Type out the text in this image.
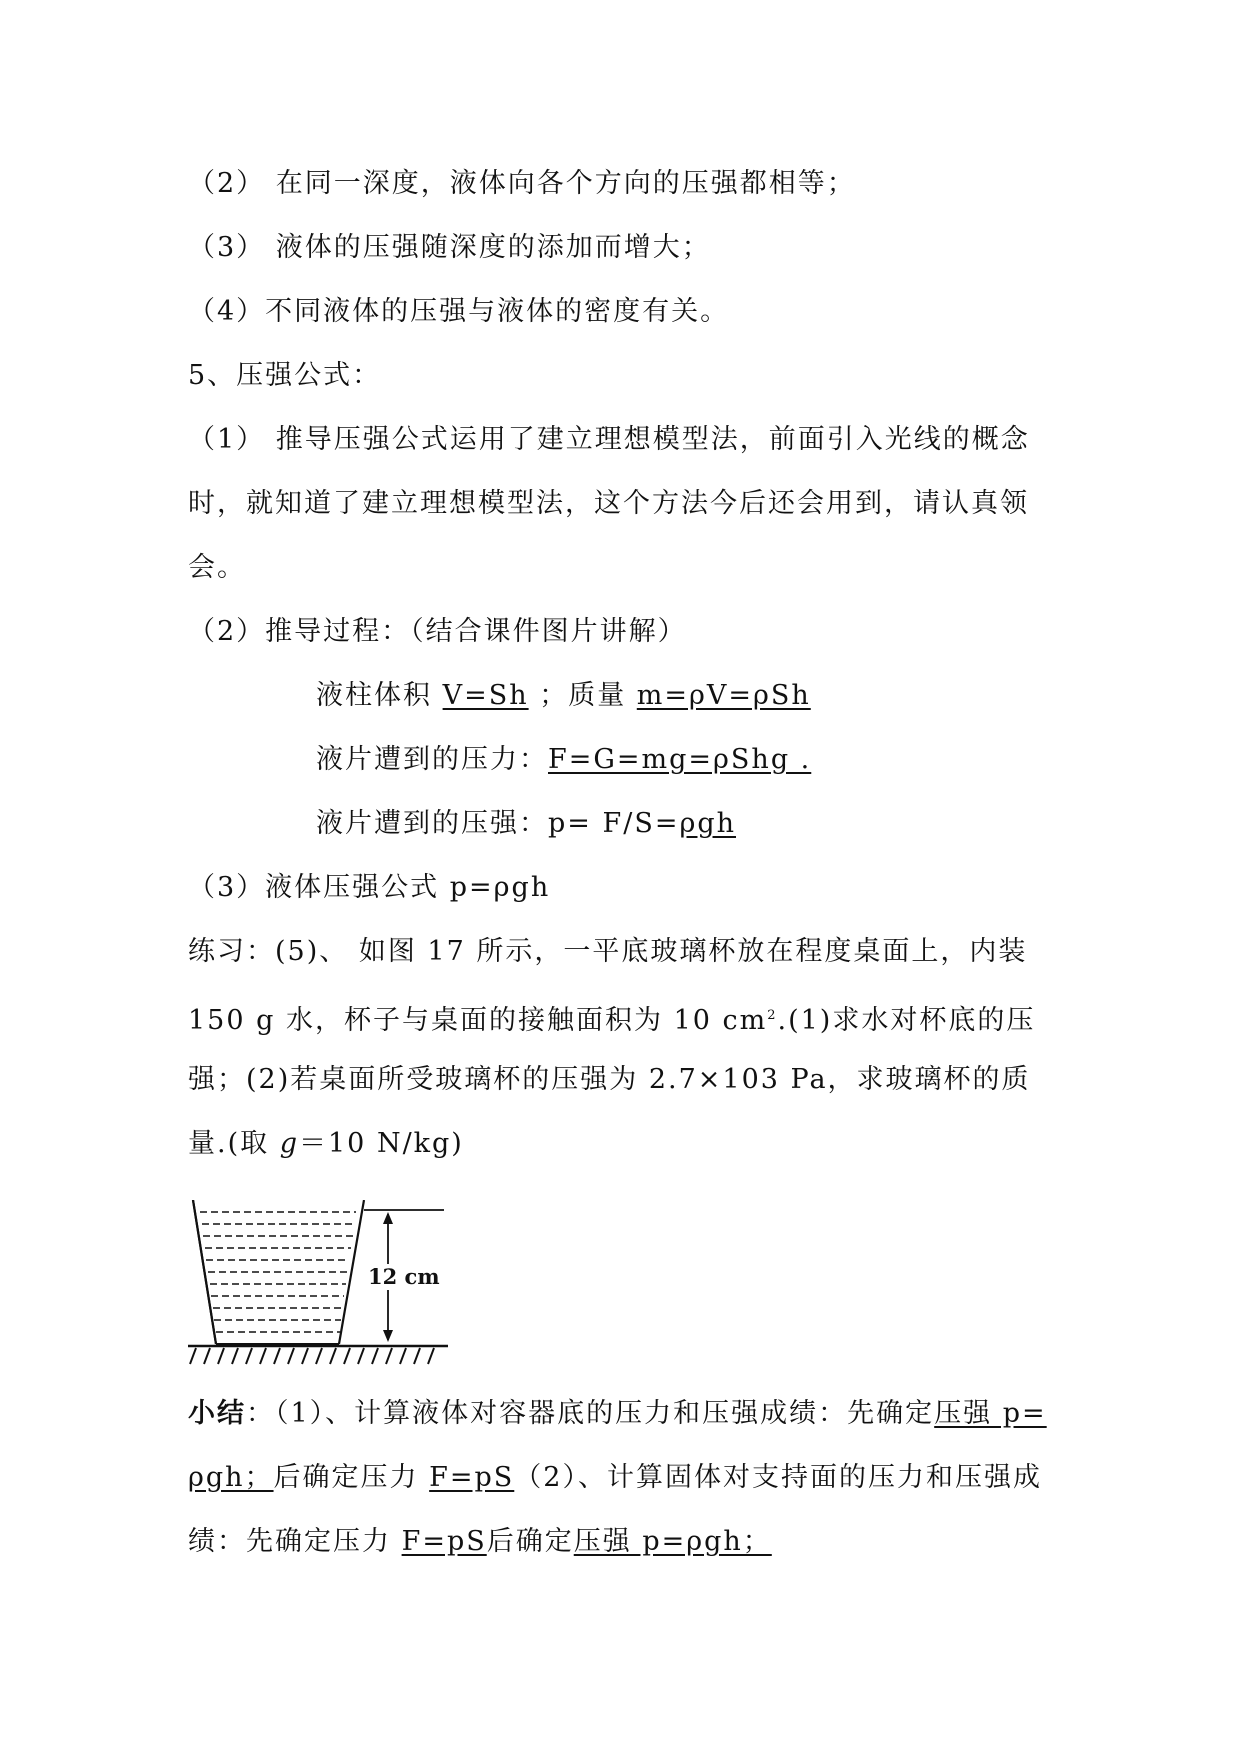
（2） 在同一深度，液体向各个方向的压强都相等；
（3） 液体的压强随深度的添加而增大；
（4）不同液体的压强与液体的密度有关。
5、压强公式：
（1） 推导压强公式运用了建立理想模型法，前面引入光线的概念
时，就知道了建立理想模型法，这个方法今后还会用到，请认真领
会。
（2）推导过程：（结合课件图片讲解）
液柱体积 V=Sh ；质量 m=ρV=ρSh
液片遭到的压力：F=G=mg=ρShg .
液片遭到的压强：p= F/S=ρgh
（3）液体压强公式 p=ρgh
练习：(5)、 如图 17 所示，一平底玻璃杯放在程度桌面上，内装
150 g 水，杯子与桌面的接触面积为 10 $cm^2.(1)$求水对杯底的压
强；(2)若桌面所受玻璃杯的压强为 2.7×103 Pa，求玻璃杯的质
量.(取 g＝10 N/kg)
12 cm
小结：（1）、计算液体对容器底的压力和压强成绩：先确定压强 p=
ρgh；后确定压力 F=pS（2）、计算固体对支持面的压力和压强成
绩：先确定压力 F=pS后确定压强 p=ρgh；
